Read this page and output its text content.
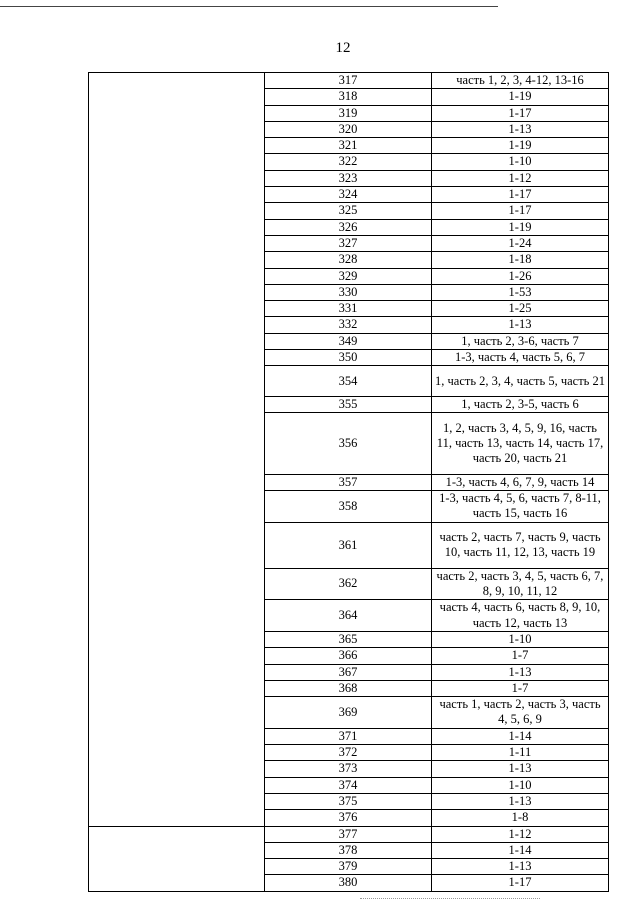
12
	317	часть 1, 2, 3, 4-12, 13-16
	318	1-19
	319	1-17
	320	1-13
	321	1-19
	322	1-10
	323	1-12
	324	1-17
	325	1-17
	326	1-19
	327	1-24
	328	1-18
	329	1-26
	330	1-53
	331	1-25
	332	1-13
	349	1, часть 2, 3-6, часть 7
	350	1-3, часть 4, часть 5, 6, 7
	354	1, часть 2, 3, 4, часть 5, часть 21
	355	1, часть 2, 3-5, часть 6
	356	1, 2, часть 3, 4, 5, 9, 16, часть 11, часть 13, часть 14, часть 17, часть 20, часть 21
	357	1-3, часть 4, 6, 7, 9, часть 14
	358	1-3, часть 4, 5, 6, часть 7, 8-11, часть 15, часть 16
	361	часть 2, часть 7, часть 9, часть 10, часть 11, 12, 13, часть 19
	362	часть 2, часть 3, 4, 5, часть 6, 7, 8, 9, 10, 11, 12
	364	часть 4, часть 6, часть 8, 9, 10, часть 12, часть 13
	365	1-10
	366	1-7
	367	1-13
	368	1-7
	369	часть 1, часть 2, часть 3, часть 4, 5, 6, 9
	371	1-14
	372	1-11
	373	1-13
	374	1-10
	375	1-13
	376	1-8
	377	1-12
	378	1-14
	379	1-13
	380	1-17
